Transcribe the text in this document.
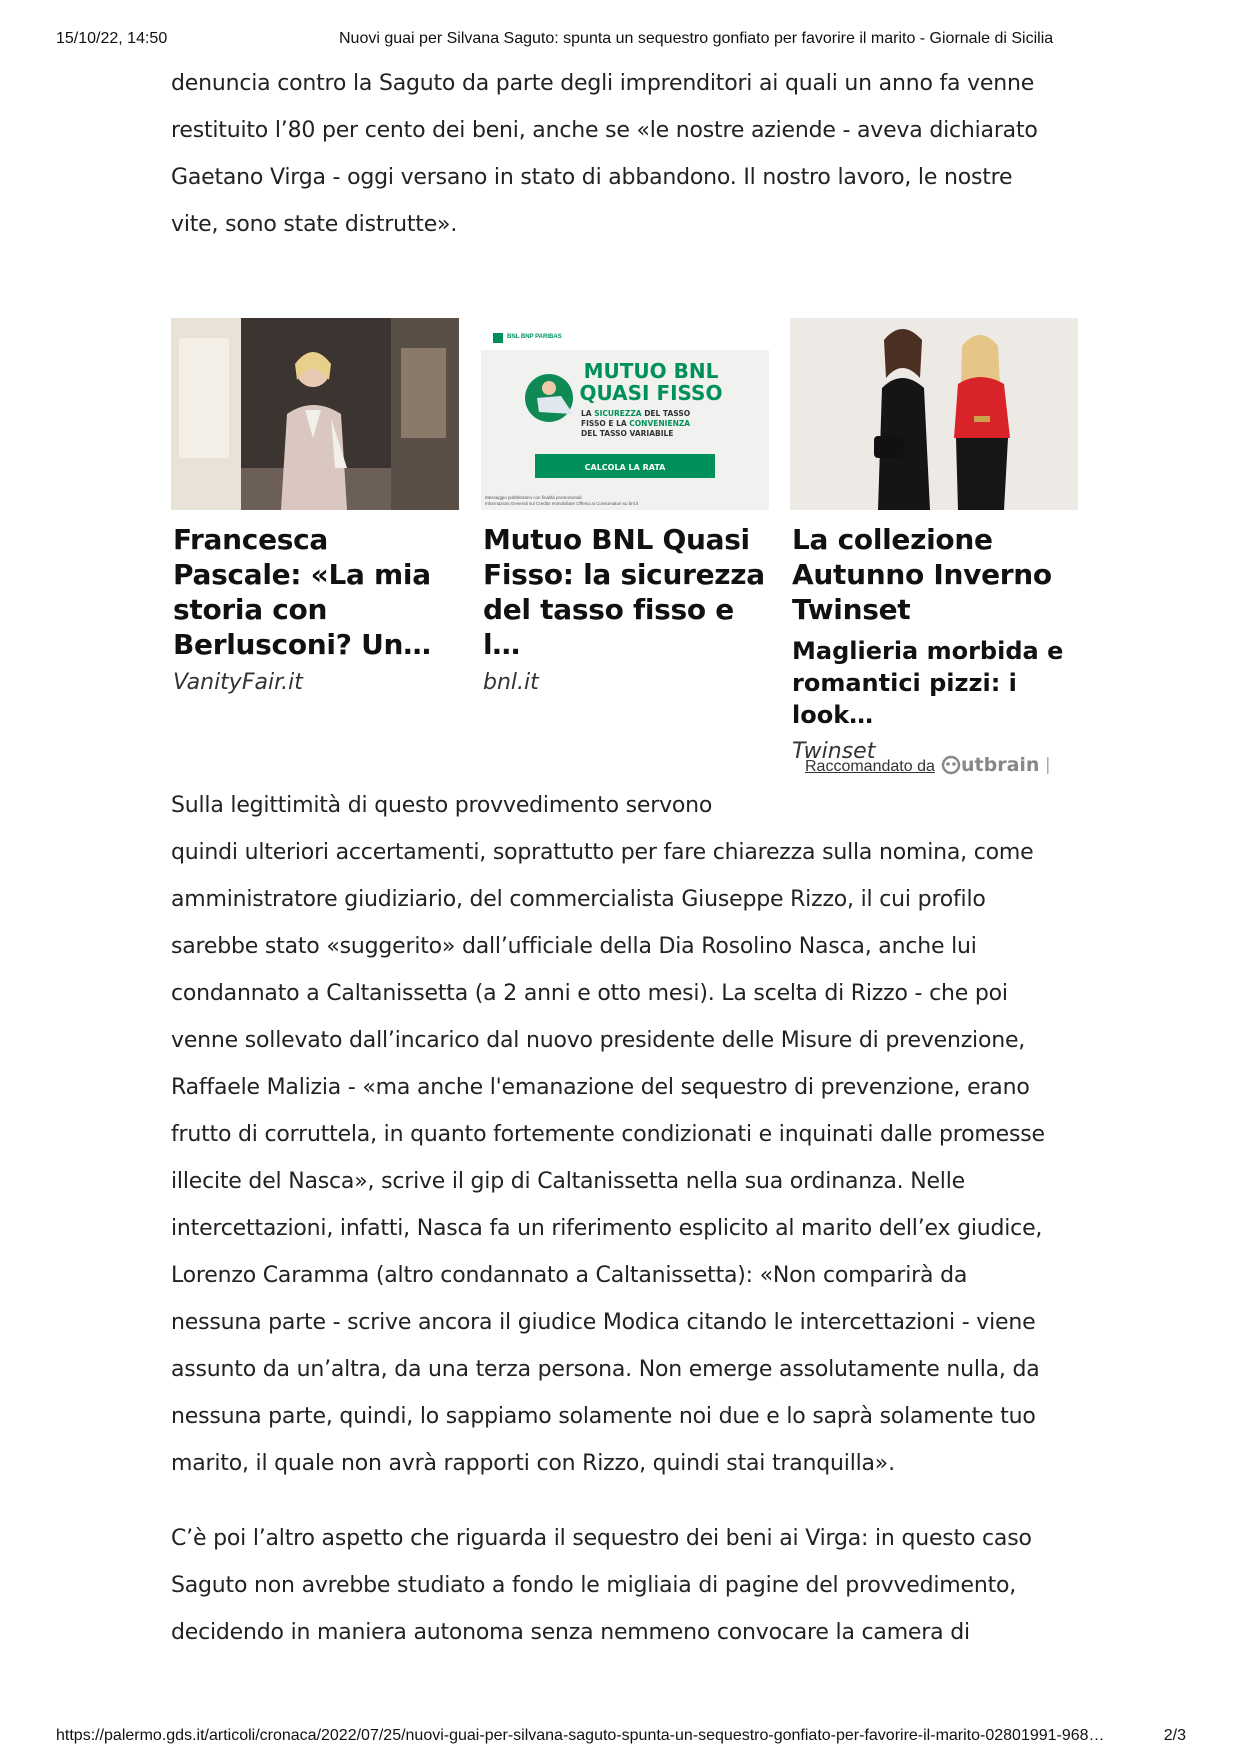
15/10/22, 14:50	Nuovi guai per Silvana Saguto: spunta un sequestro gonfiato per favorire il marito - Giornale di Sicilia

denuncia contro la Saguto da parte degli imprenditori ai quali un anno fa venne
restituito l’80 per cento dei beni, anche se «le nostre aziende - aveva dichiarato
Gaetano Virga - oggi versano in stato di abbandono. Il nostro lavoro, le nostre
vite, sono state distrutte».

Francesca Pascale: «La mia storia con Berlusconi? Un…
VanityFair.it
BNL BNP PARIBAS
MUTUO BNL
QUASI FISSO
LA SICUREZZA DEL TASSO
FISSO E LA CONVENIENZA
DEL TASSO VARIABILE
CALCOLA LA RATA
Messaggio pubblicitario con finalità promozionali.
Informazioni Generali sul Credito Immobiliare Offerto ai Consumatori su bnl.it
Mutuo BNL Quasi Fisso: la sicurezza del tasso fisso e l…
bnl.it
La collezione Autunno Inverno Twinset
Maglieria morbida e romantici pizzi: i look…
Twinset
Raccomandato da utbrain

Sulla legittimità di questo provvedimento servono
quindi ulteriori accertamenti, soprattutto per fare chiarezza sulla nomina, come
amministratore giudiziario, del commercialista Giuseppe Rizzo, il cui profilo
sarebbe stato «suggerito» dall’ufficiale della Dia Rosolino Nasca, anche lui
condannato a Caltanissetta (a 2 anni e otto mesi). La scelta di Rizzo - che poi
venne sollevato dall’incarico dal nuovo presidente delle Misure di prevenzione,
Raffaele Malizia - «ma anche l'emanazione del sequestro di prevenzione, erano
frutto di corruttela, in quanto fortemente condizionati e inquinati dalle promesse
illecite del Nasca», scrive il gip di Caltanissetta nella sua ordinanza. Nelle
intercettazioni, infatti, Nasca fa un riferimento esplicito al marito dell’ex giudice,
Lorenzo Caramma (altro condannato a Caltanissetta): «Non comparirà da
nessuna parte - scrive ancora il giudice Modica citando le intercettazioni - viene
assunto da un’altra, da una terza persona. Non emerge assolutamente nulla, da
nessuna parte, quindi, lo sappiamo solamente noi due e lo saprà solamente tuo
marito, il quale non avrà rapporti con Rizzo, quindi stai tranquilla».

C’è poi l’altro aspetto che riguarda il sequestro dei beni ai Virga: in questo caso
Saguto non avrebbe studiato a fondo le migliaia di pagine del provvedimento,
decidendo in maniera autonoma senza nemmeno convocare la camera di

https://palermo.gds.it/articoli/cronaca/2022/07/25/nuovi-guai-per-silvana-saguto-spunta-un-sequestro-gonfiato-per-favorire-il-marito-02801991-968…	2/3
